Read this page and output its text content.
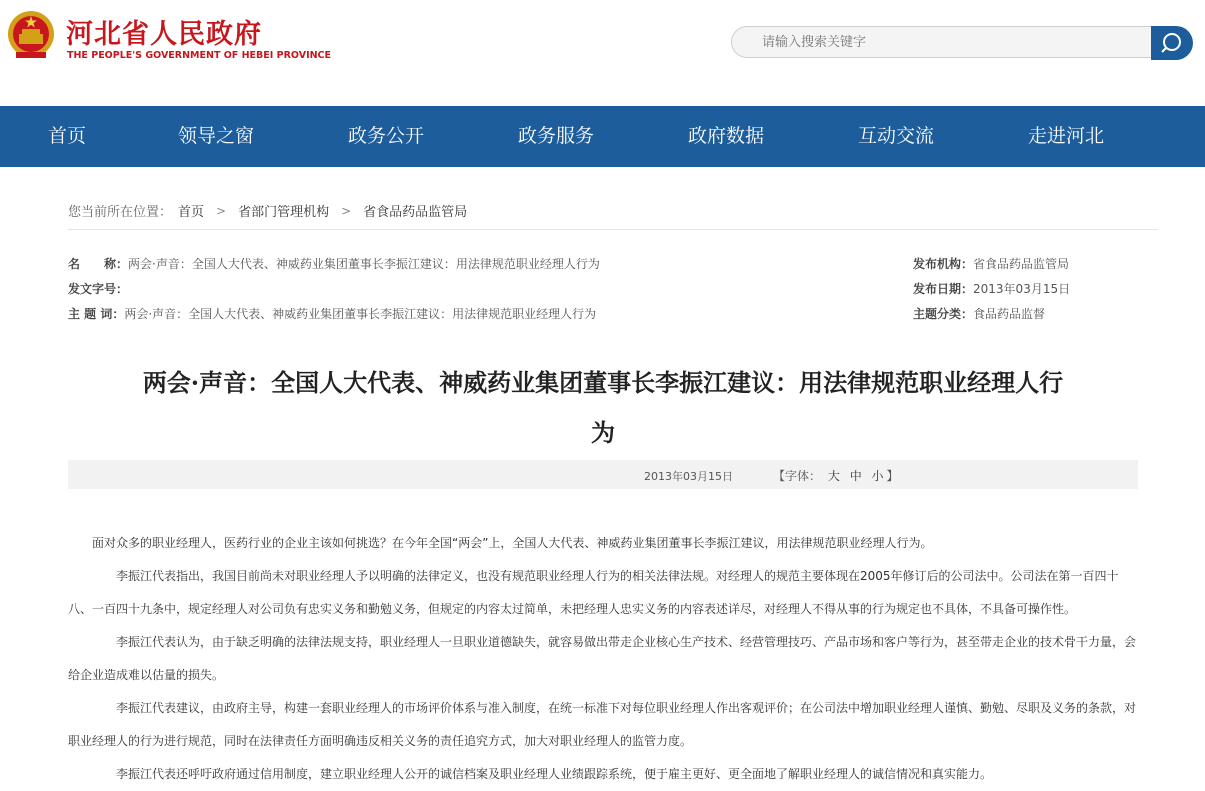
河北省人民政府
THE PEOPLE'S GOVERNMENT OF HEBEI PROVINCE
请输入搜索关键字
首页	领导之窗	政务公开	政务服务	政府数据	互动交流	走进河北
您当前所在位置： 首页 > 省部门管理机构 > 省食品药品监管局
名　　称：两会·声音：全国人大代表、神威药业集团董事长李振江建议：用法律规范职业经理人行为
发文字号：
主 题 词：两会·声音：全国人大代表、神威药业集团董事长李振江建议：用法律规范职业经理人行为
发布机构：省食品药品监管局
发布日期：2013年03月15日
主题分类：食品药品监督
两会·声音：全国人大代表、神威药业集团董事长李振江建议：用法律规范职业经理人行
为
2013年03月15日	【字体： 大 中 小 】

面对众多的职业经理人，医药行业的企业主该如何挑选？在今年全国“两会”上，全国人大代表、神威药业集团董事长李振江建议，用法律规范职业经理人行为。

李振江代表指出，我国目前尚未对职业经理人予以明确的法律定义，也没有规范职业经理人行为的相关法律法规。对经理人的规范主要体现在2005年修订后的公司法中。公司法在第一百四十八、一百四十九条中，规定经理人对公司负有忠实义务和勤勉义务，但规定的内容太过简单，未把经理人忠实义务的内容表述详尽，对经理人不得从事的行为规定也不具体，不具备可操作性。

李振江代表认为，由于缺乏明确的法律法规支持，职业经理人一旦职业道德缺失，就容易做出带走企业核心生产技术、经营管理技巧、产品市场和客户等行为，甚至带走企业的技术骨干力量，会给企业造成难以估量的损失。

李振江代表建议，由政府主导，构建一套职业经理人的市场评价体系与准入制度，在统一标准下对每位职业经理人作出客观评价；在公司法中增加职业经理人谨慎、勤勉、尽职及义务的条款，对职业经理人的行为进行规范，同时在法律责任方面明确违反相关义务的责任追究方式，加大对职业经理人的监管力度。

李振江代表还呼吁政府通过信用制度，建立职业经理人公开的诚信档案及职业经理人业绩跟踪系统，便于雇主更好、更全面地了解职业经理人的诚信情况和真实能力。
